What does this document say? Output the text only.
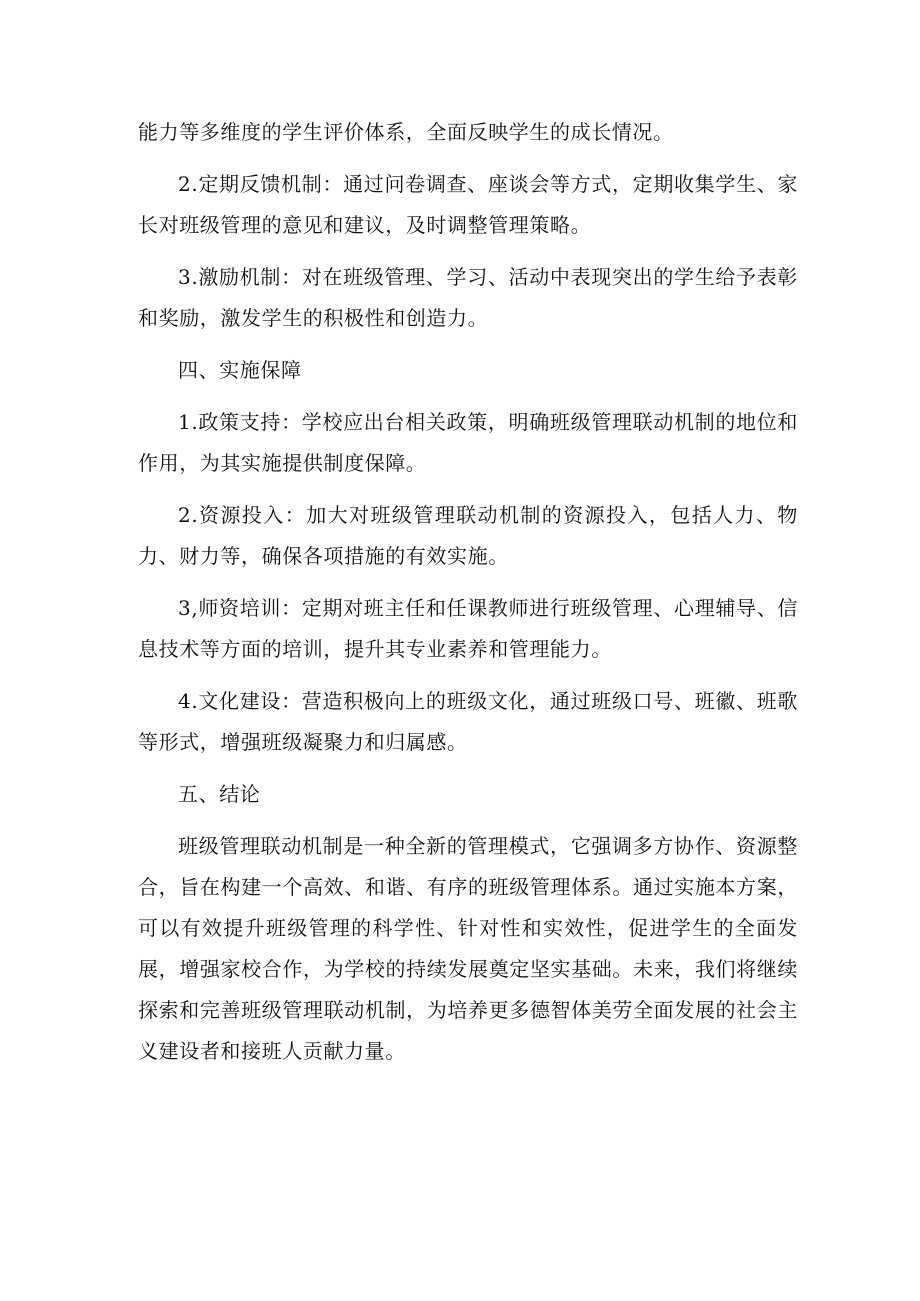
能力等多维度的学生评价体系，全面反映学生的成长情况。

2.定期反馈机制：通过问卷调查、座谈会等方式，定期收集学生、家长对班级管理的意见和建议，及时调整管理策略。

3.激励机制：对在班级管理、学习、活动中表现突出的学生给予表彰和奖励，激发学生的积极性和创造力。

四、实施保障

1.政策支持：学校应出台相关政策，明确班级管理联动机制的地位和作用，为其实施提供制度保障。

2.资源投入：加大对班级管理联动机制的资源投入，包括人力、物力、财力等，确保各项措施的有效实施。

3,师资培训：定期对班主任和任课教师进行班级管理、心理辅导、信息技术等方面的培训，提升其专业素养和管理能力。

4.文化建设：营造积极向上的班级文化，通过班级口号、班徽、班歌等形式，增强班级凝聚力和归属感。

五、结论

班级管理联动机制是一种全新的管理模式，它强调多方协作、资源整合，旨在构建一个高效、和谐、有序的班级管理体系。通过实施本方案，可以有效提升班级管理的科学性、针对性和实效性，促进学生的全面发展，增强家校合作，为学校的持续发展奠定坚实基础。未来，我们将继续探索和完善班级管理联动机制，为培养更多德智体美劳全面发展的社会主义建设者和接班人贡献力量。
